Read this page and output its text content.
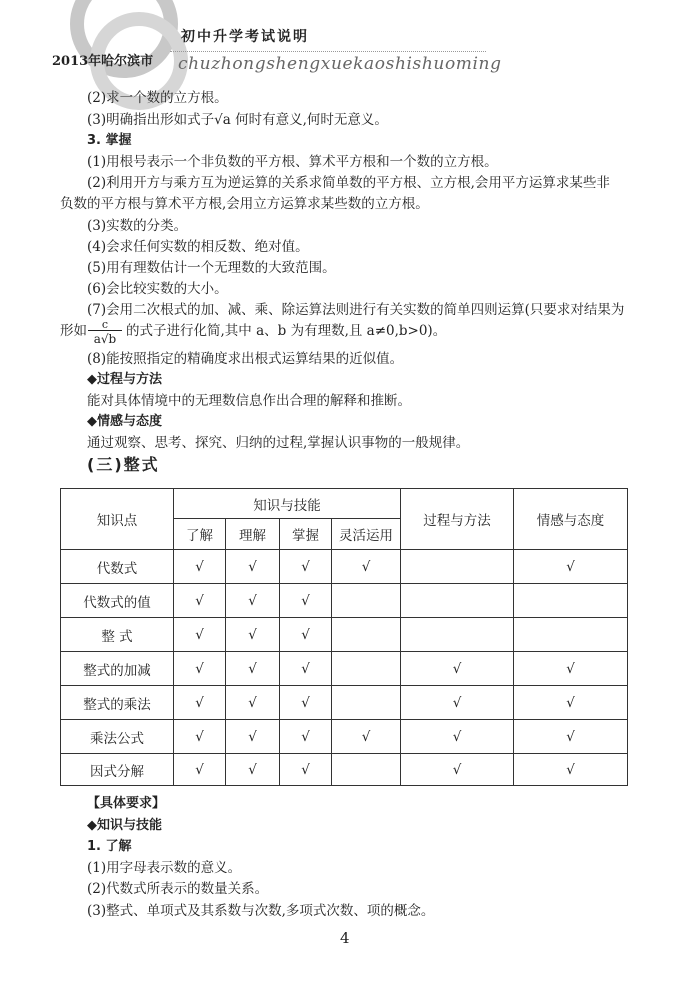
初中升学考试说明
2013年哈尔滨市 chuzhongshengxuekaoshishuoming
(2)求一个数的立方根。
(3)明确指出形如式子√a 何时有意义,何时无意义。
3. 掌握
(1)用根号表示一个非负数的平方根、算术平方根和一个数的立方根。
(2)利用开方与乘方互为逆运算的关系求简单数的平方根、立方根,会用平方运算求某些非
负数的平方根与算术平方根,会用立方运算求某些数的立方根。
(3)实数的分类。
(4)会求任何实数的相反数、绝对值。
(5)用有理数估计一个无理数的大致范围。
(6)会比较实数的大小。
(7)会用二次根式的加、减、乘、除运算法则进行有关实数的简单四则运算(只要求对结果为
(8)能按照指定的精确度求出根式运算结果的近似值。
◆过程与方法
能对具体情境中的无理数信息作出合理的解释和推断。
◆情感与态度
通过观察、思考、探究、归纳的过程,掌握认识事物的一般规律。
形如	c
a√b 的式子进行化简,其中 a、b 为有理数,且 a≠0,b>0)。
(三)整式
知识点	知识与技能				过程与方法	情感与态度
	了解	理解	掌握	灵活运用		
代数式	√	√	√	√		√
代数式的值	√	√	√			
整 式	√	√	√			
整式的加减	√	√	√		√	√
整式的乘法	√	√	√		√	√
乘法公式	√	√	√	√	√	√
因式分解	√	√	√		√	√
【具体要求】
◆知识与技能
1. 了解
(1)用字母表示数的意义。
(2)代数式所表示的数量关系。
(3)整式、单项式及其系数与次数,多项式次数、项的概念。
4
